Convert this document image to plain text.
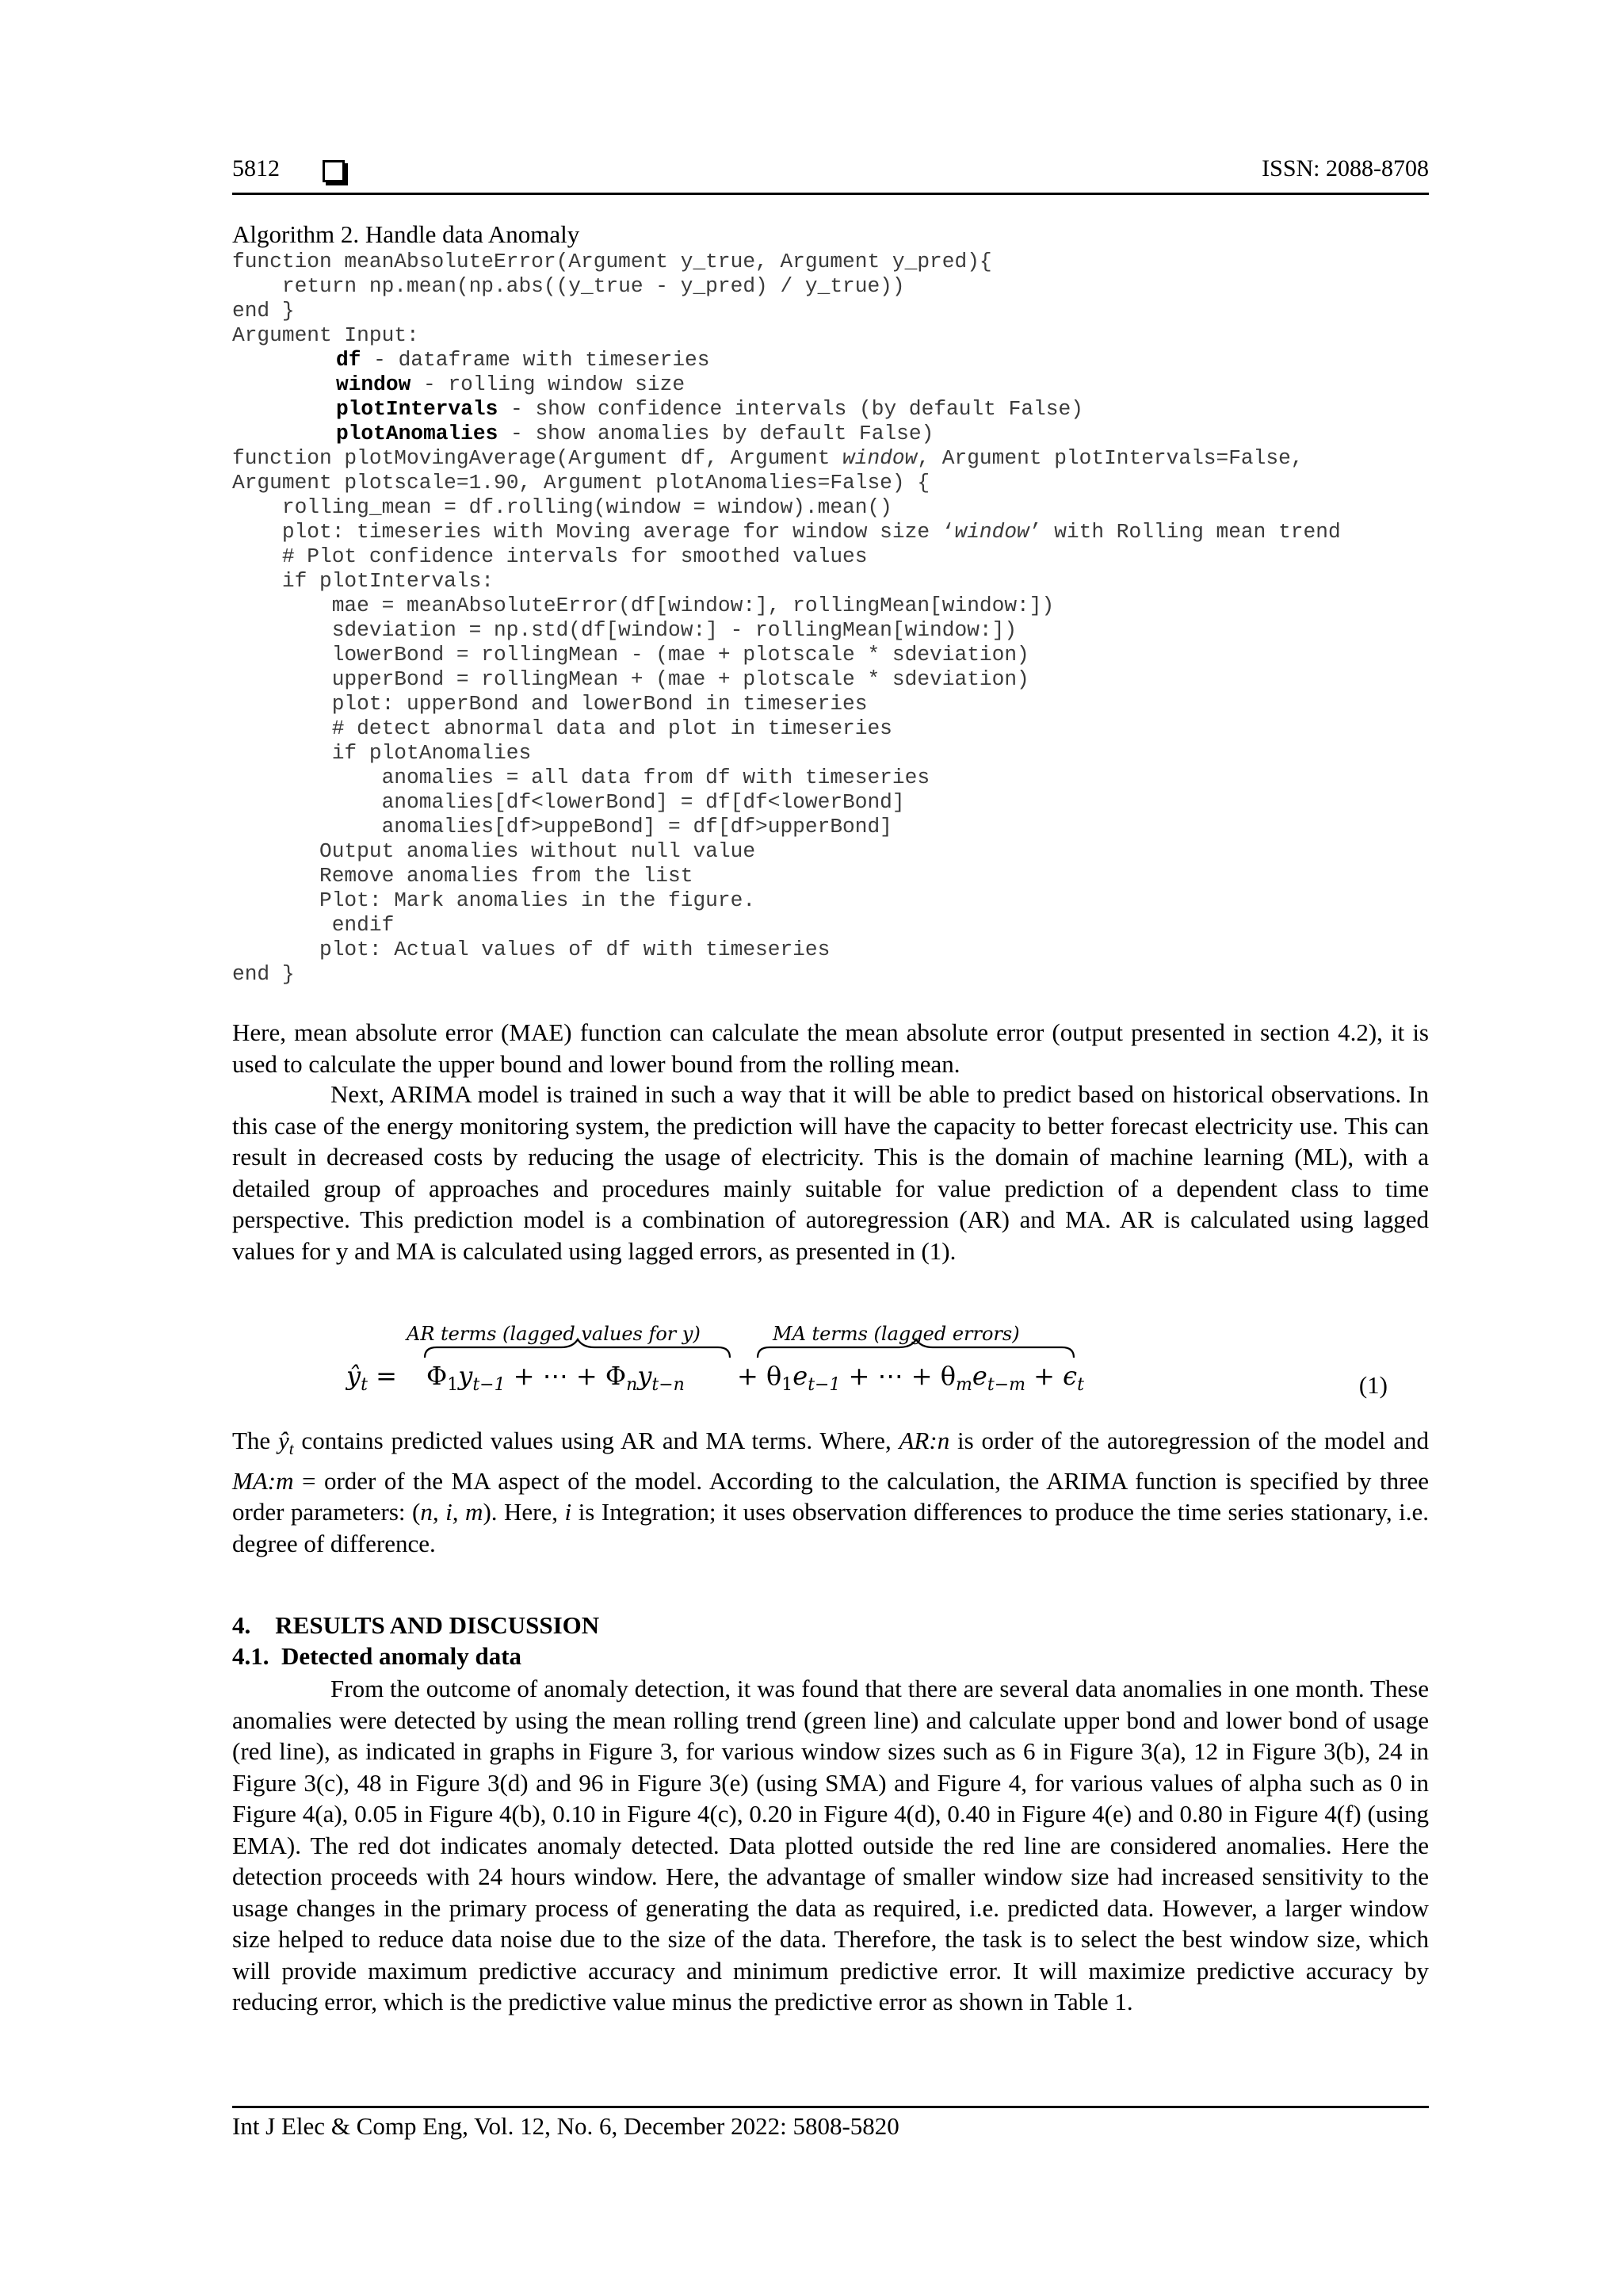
5812	ISSN: 2088-8708
Algorithm 2. Handle data Anomaly
function meanAbsoluteError(Argument y_true, Argument y_pred){
return np.mean(np.abs((y_true - y_pred) / y_true))
end }
Argument Input:
df - dataframe with timeseries
window - rolling window size
plotIntervals - show confidence intervals (by default False)
plotAnomalies - show anomalies by default False)
function plotMovingAverage(Argument df, Argument window, Argument plotIntervals=False,
Argument plotscale=1.90, Argument plotAnomalies=False) {
rolling_mean = df.rolling(window = window).mean()
plot: timeseries with Moving average for window size ‘window’ with Rolling mean trend
# Plot confidence intervals for smoothed values
if plotIntervals:
mae = meanAbsoluteError(df[window:], rollingMean[window:])
sdeviation = np.std(df[window:] - rollingMean[window:])
lowerBond = rollingMean - (mae + plotscale * sdeviation)
upperBond = rollingMean + (mae + plotscale * sdeviation)
plot: upperBond and lowerBond in timeseries
# detect abnormal data and plot in timeseries
if plotAnomalies
anomalies = all data from df with timeseries
anomalies[df<lowerBond] = df[df<lowerBond]
anomalies[df>uppeBond] = df[df>upperBond]
Output anomalies without null value
Remove anomalies from the list
Plot: Mark anomalies in the figure.
endif
plot: Actual values of df with timeseries
end }
Here, mean absolute error (MAE) function can calculate the mean absolute error (output presented in section 4.2), it is used to calculate the upper bound and lower bound from the rolling mean.
Next, ARIMA model is trained in such a way that it will be able to predict based on historical observations. In this case of the energy monitoring system, the prediction will have the capacity to better forecast electricity use. This can result in decreased costs by reducing the usage of electricity. This is the domain of machine learning (ML), with a detailed group of approaches and procedures mainly suitable for value prediction of a dependent class to time perspective. This prediction model is a combination of autoregression (AR) and MA. AR is calculated using lagged values for y and MA is calculated using lagged errors, as presented in (1).
AR terms (lagged values for y)	MA terms (lagged errors)
$ŷ_t = \Phi_1y_{t-1}$ + ⋯ + $\Phi_ny_{t-n} + \theta_1e_{t-1}$ + ⋯ + $\theta_me_{t-m} + \epsilon_t$	(1)
The $ŷ_t$ contains predicted values using AR and MA terms. Where, AR:n is order of the autoregression of the model and MA:m = order of the MA aspect of the model. According to the calculation, the ARIMA function is specified by three order parameters: (n, i, m). Here, i is Integration; it uses observation differences to produce the time series stationary, i.e. degree of difference.
4.    RESULTS AND DISCUSSION
4.1.  Detected anomaly data
From the outcome of anomaly detection, it was found that there are several data anomalies in one month. These anomalies were detected by using the mean rolling trend (green line) and calculate upper bond and lower bond of usage (red line), as indicated in graphs in Figure 3, for various window sizes such as 6 in Figure 3(a), 12 in Figure 3(b), 24 in Figure 3(c), 48 in Figure 3(d) and 96 in Figure 3(e) (using SMA) and Figure 4, for various values of alpha such as 0 in Figure 4(a), 0.05 in Figure 4(b), 0.10 in Figure 4(c), 0.20 in Figure 4(d), 0.40 in Figure 4(e) and 0.80 in Figure 4(f) (using EMA). The red dot indicates anomaly detected. Data plotted outside the red line are considered anomalies. Here the detection proceeds with 24 hours window. Here, the advantage of smaller window size had increased sensitivity to the usage changes in the primary process of generating the data as required, i.e. predicted data. However, a larger window size helped to reduce data noise due to the size of the data. Therefore, the task is to select the best window size, which will provide maximum predictive accuracy and minimum predictive error. It will maximize predictive accuracy by reducing error, which is the predictive value minus the predictive error as shown in Table 1.
Int J Elec & Comp Eng, Vol. 12, No. 6, December 2022: 5808-5820
